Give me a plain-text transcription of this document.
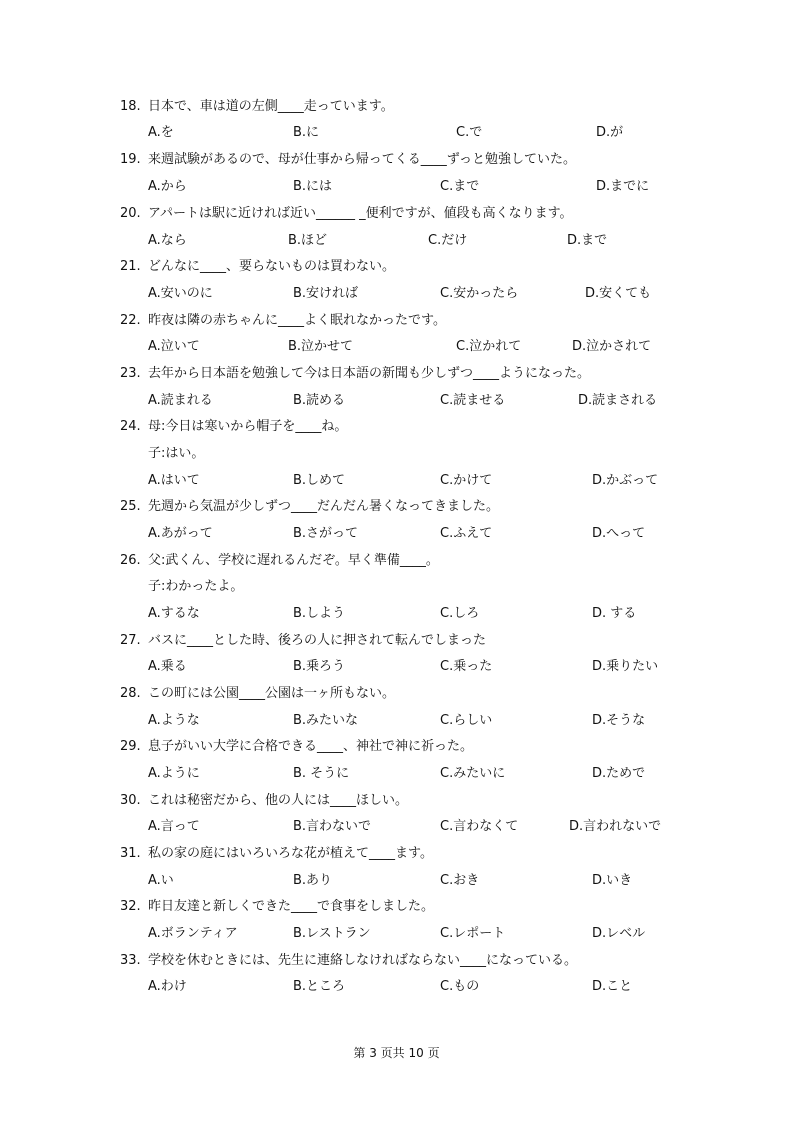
18. 日本で、車は道の左側____走っています。
A.を	B.に	C.で	D.が
19. 来週試験があるので、母が仕事から帰ってくる____ずっと勉強していた。
A.から	B.には	C.まで	D.までに
20. アパートは駅に近ければ近い______ _便利ですが、値段も高くなります。
A.なら	B.ほど	C.だけ	D.まで
21. どんなに____、要らないものは買わない。
A.安いのに	B.安ければ	C.安かったら	D.安くても
22. 昨夜は隣の赤ちゃんに____よく眠れなかったです。
A.泣いて	B.泣かせて	C.泣かれて	D.泣かされて
23. 去年から日本語を勉強して今は日本語の新聞も少しずつ____ようになった。
A.読まれる	B.読める	C.読ませる	D.読まされる
24. 母:今日は寒いから帽子を____ね。
子:はい。
A.はいて	B.しめて	C.かけて	D.かぶって
25. 先週から気温が少しずつ____だんだん暑くなってきました。
A.あがって	B.さがって	C.ふえて	D.へって
26. 父:武くん、学校に遅れるんだぞ。早く準備____。
子:わかったよ。
A.するな	B.しよう	C.しろ	D. する
27. バスに____とした時、後ろの人に押されて転んでしまった
A.乗る	B.乗ろう	C.乗った	D.乗りたい
28. この町には公園____公園は一ヶ所もない。
A.ような	B.みたいな	C.らしい	D.そうな
29. 息子がいい大学に合格できる____、神社で神に祈った。
A.ように	B. そうに	C.みたいに	D.ためで
30. これは秘密だから、他の人には____ほしい。
A.言って	B.言わないで	C.言わなくて	D.言われないで
31. 私の家の庭にはいろいろな花が植えて____ます。
A.い	B.あり	C.おき	D.いき
32. 昨日友達と新しくできた____で食事をしました。
A.ボランティア	B.レストラン	C.レポート	D.レベル
33. 学校を休むときには、先生に連絡しなければならない____になっている。
A.わけ	B.ところ	C.もの	D.こと
第 3 页共 10 页
